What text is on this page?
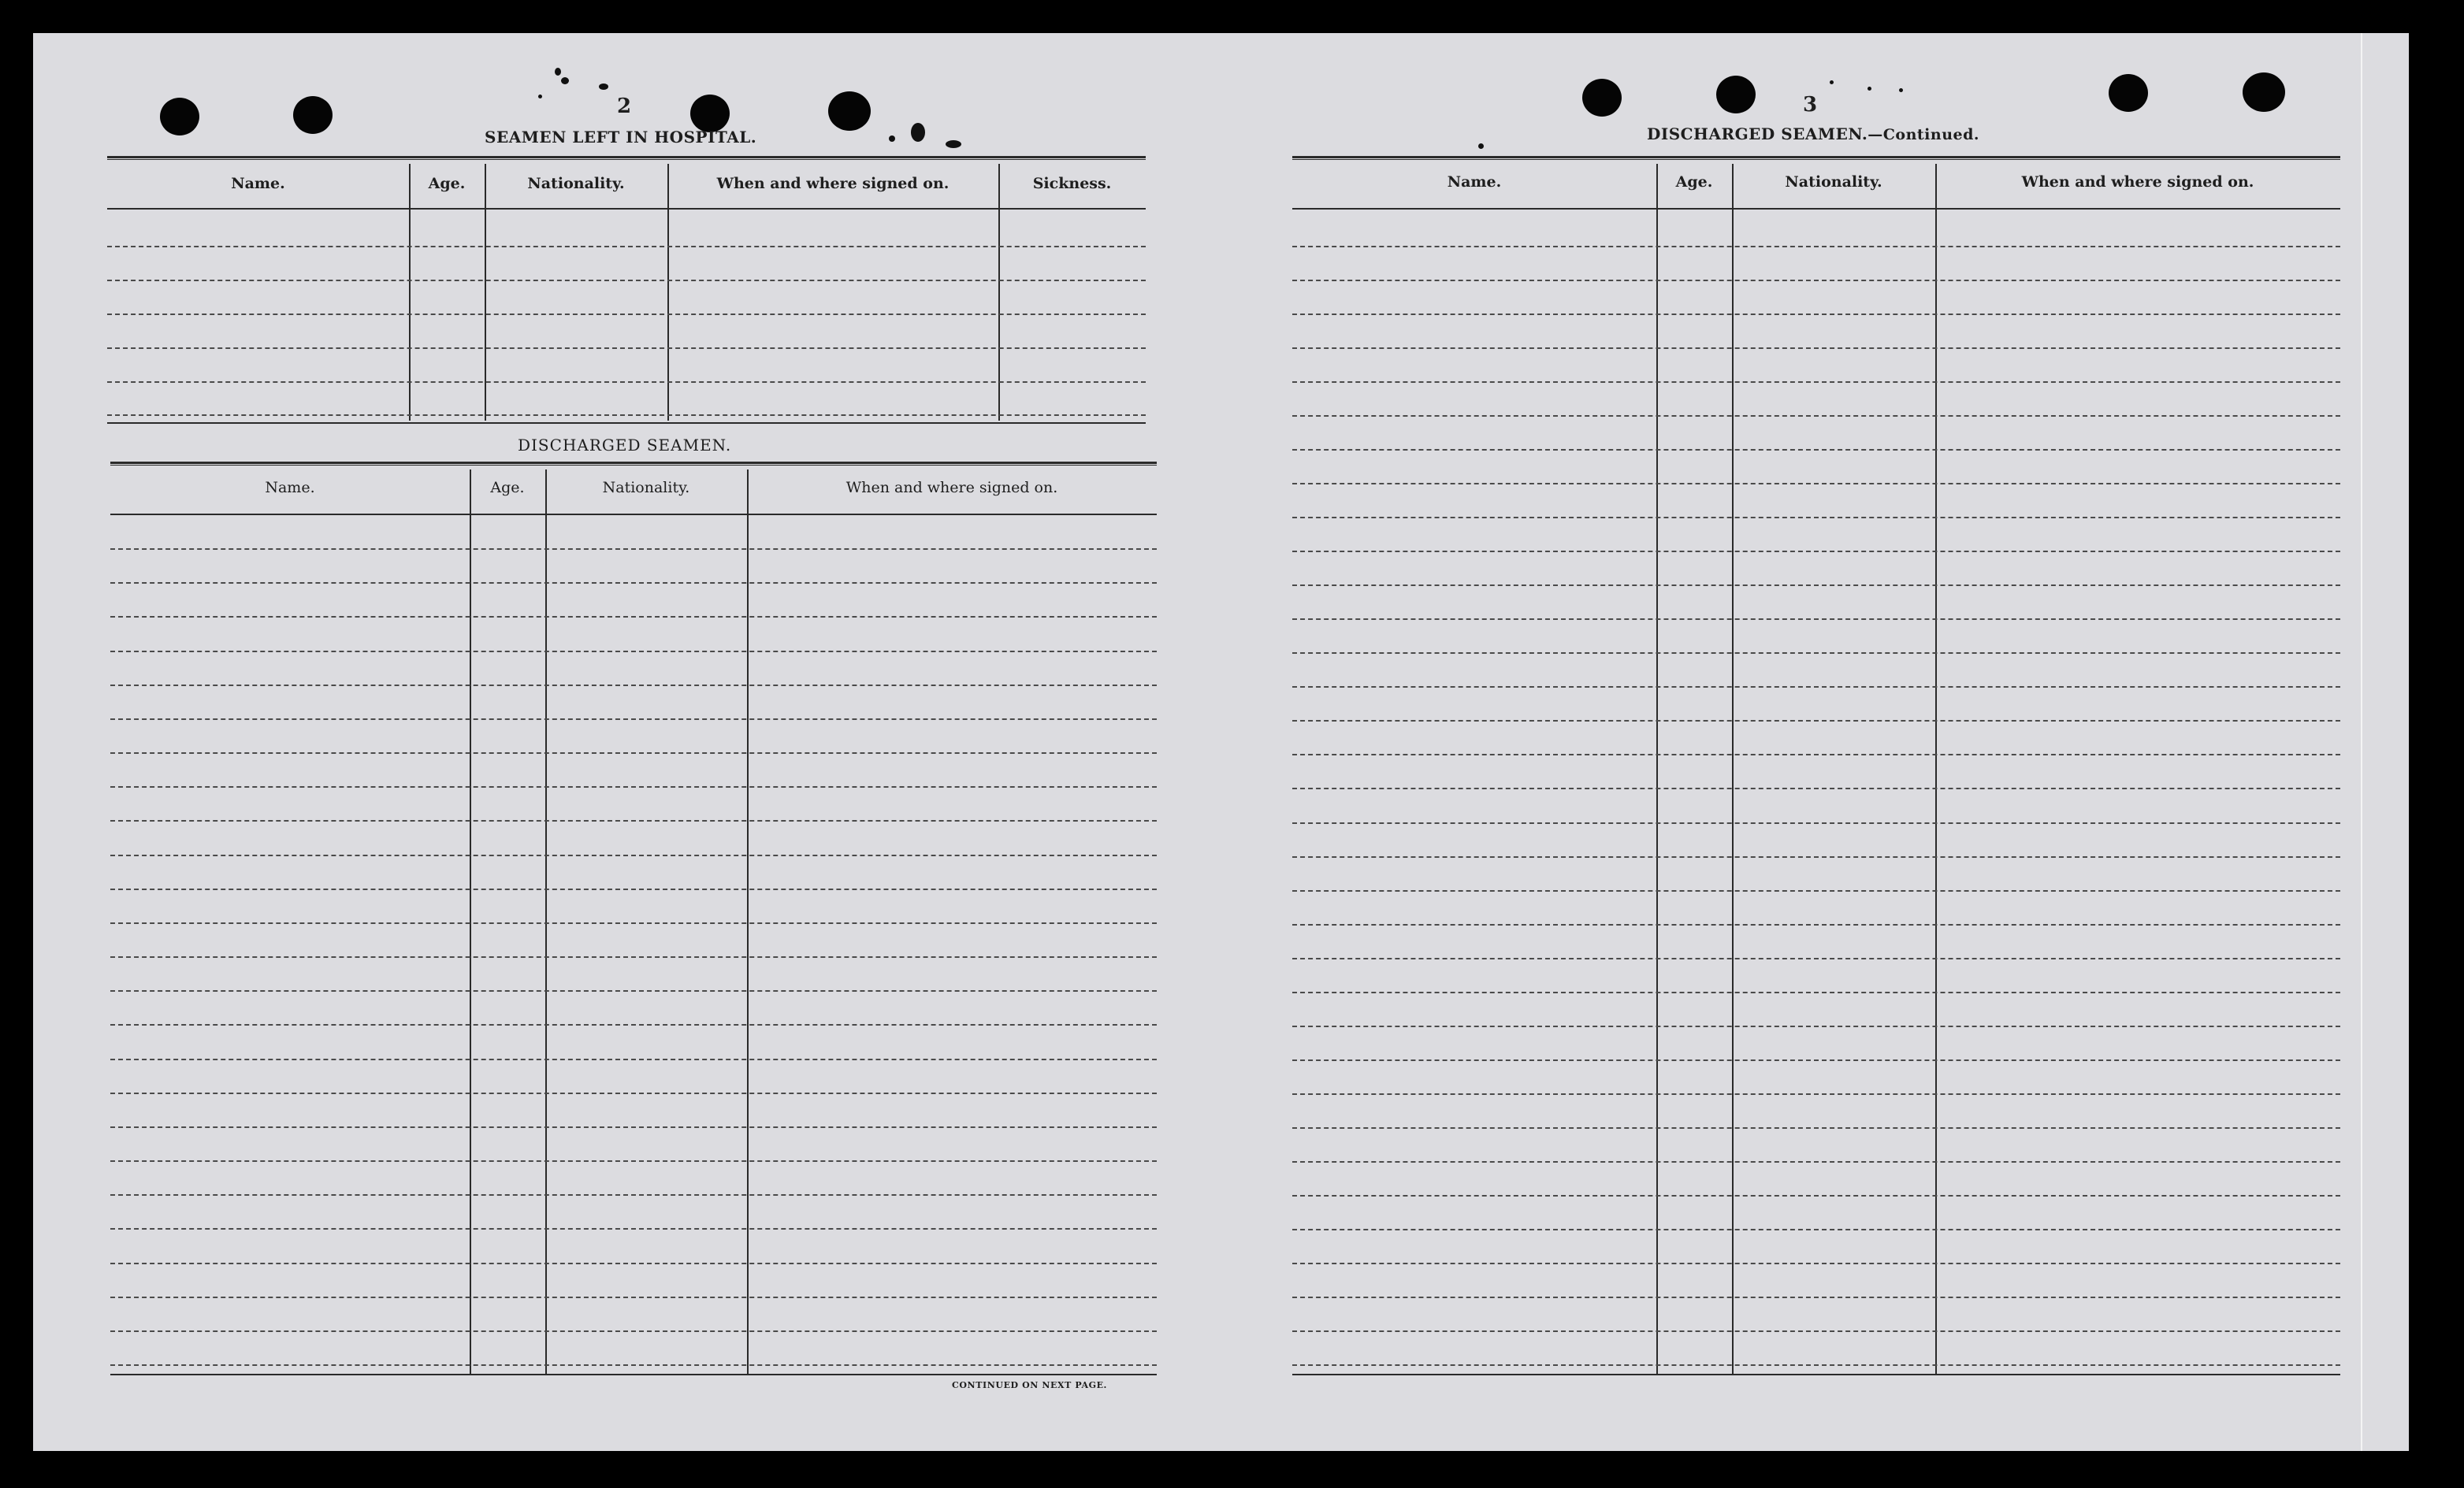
2	3
SEAMEN LEFT IN HOSPITAL.
Name.	Age.	Nationality.	When and where signed on.	Sickness.
DISCHARGED SEAMEN.
Name.	Age.	Nationality.	When and where signed on.
CONTINUED ON NEXT PAGE.
DISCHARGED SEAMEN.—Continued.
Name.	Age.	Nationality.	When and where signed on.
